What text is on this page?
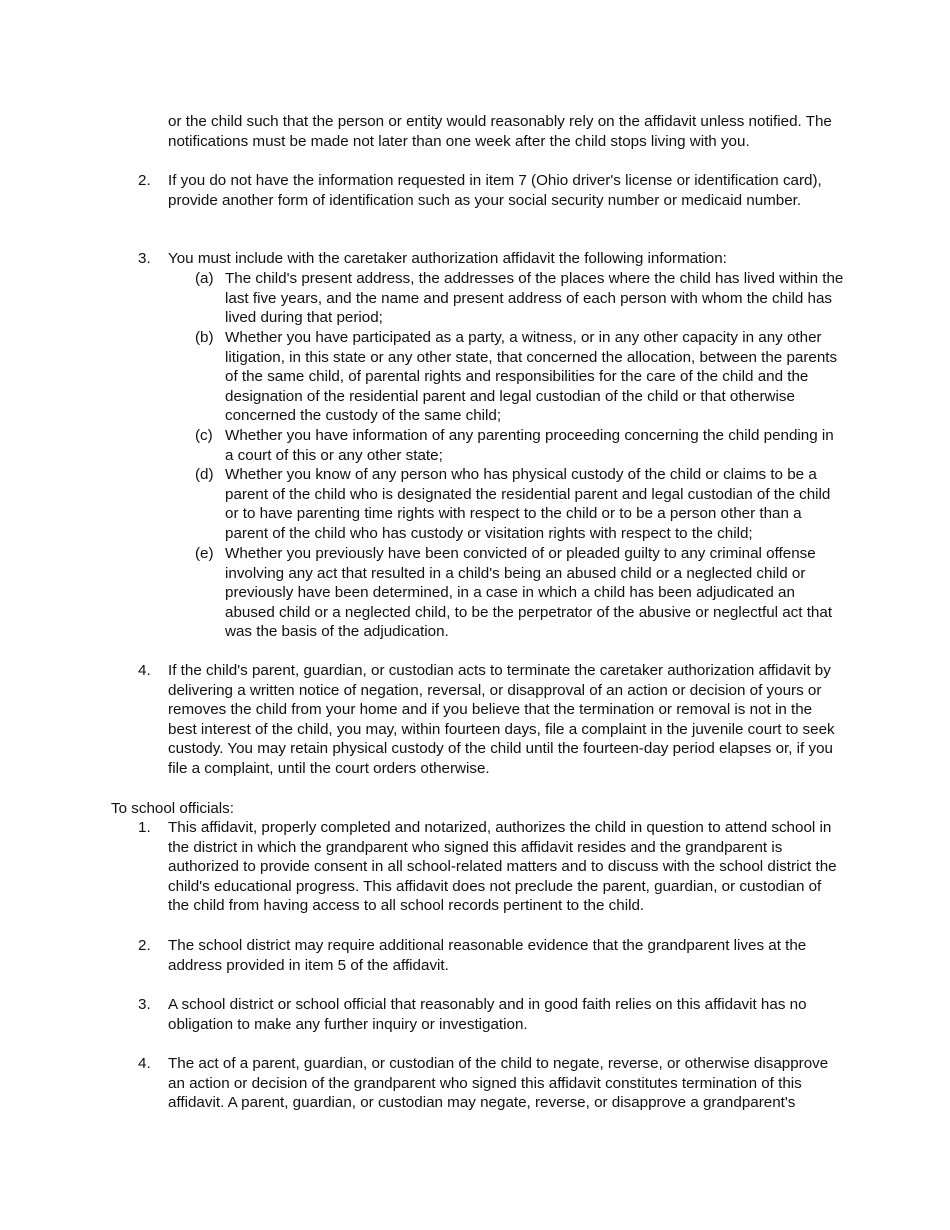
or the child such that the person or entity would reasonably rely on the affidavit unless notified. The notifications must be made not later than one week after the child stops living with you.
2.	If you do not have the information requested in item 7 (Ohio driver's license or identification card), provide another form of identification such as your social security number or medicaid number.
3.	You must include with the caretaker authorization affidavit the following information:
(a) The child's present address, the addresses of the places where the child has lived within the last five years, and the name and present address of each person with whom the child has lived during that period;
(b) Whether you have participated as a party, a witness, or in any other capacity in any other litigation, in this state or any other state, that concerned the allocation, between the parents of the same child, of parental rights and responsibilities for the care of the child and the designation of the residential parent and legal custodian of the child or that otherwise concerned the custody of the same child;
(c) Whether you have information of any parenting proceeding concerning the child pending in a court of this or any other state;
(d) Whether you know of any person who has physical custody of the child or claims to be a parent of the child who is designated the residential parent and legal custodian of the child or to have parenting time rights with respect to the child or to be a person other than a parent of the child who has custody or visitation rights with respect to the child;
(e) Whether you previously have been convicted of or pleaded guilty to any criminal offense involving any act that resulted in a child's being an abused child or a neglected child or previously have been determined, in a case in which a child has been adjudicated an abused child or a neglected child, to be the perpetrator of the abusive or neglectful act that was the basis of the adjudication.
4.	If the child's parent, guardian, or custodian acts to terminate the caretaker authorization affidavit by delivering a written notice of negation, reversal, or disapproval of an action or decision of yours or removes the child from your home and if you believe that the termination or removal is not in the best interest of the child, you may, within fourteen days, file a complaint in the juvenile court to seek custody. You may retain physical custody of the child until the fourteen-day period elapses or, if you file a complaint, until the court orders otherwise.
To school officials:
1.	This affidavit, properly completed and notarized, authorizes the child in question to attend school in the district in which the grandparent who signed this affidavit resides and the grandparent is authorized to provide consent in all school-related matters and to discuss with the school district the child's educational progress. This affidavit does not preclude the parent, guardian, or custodian of the child from having access to all school records pertinent to the child.
2.	The school district may require additional reasonable evidence that the grandparent lives at the address provided in item 5 of the affidavit.
3.	A school district or school official that reasonably and in good faith relies on this affidavit has no obligation to make any further inquiry or investigation.
4.	The act of a parent, guardian, or custodian of the child to negate, reverse, or otherwise disapprove an action or decision of the grandparent who signed this affidavit constitutes termination of this affidavit. A parent, guardian, or custodian may negate, reverse, or disapprove a grandparent's
